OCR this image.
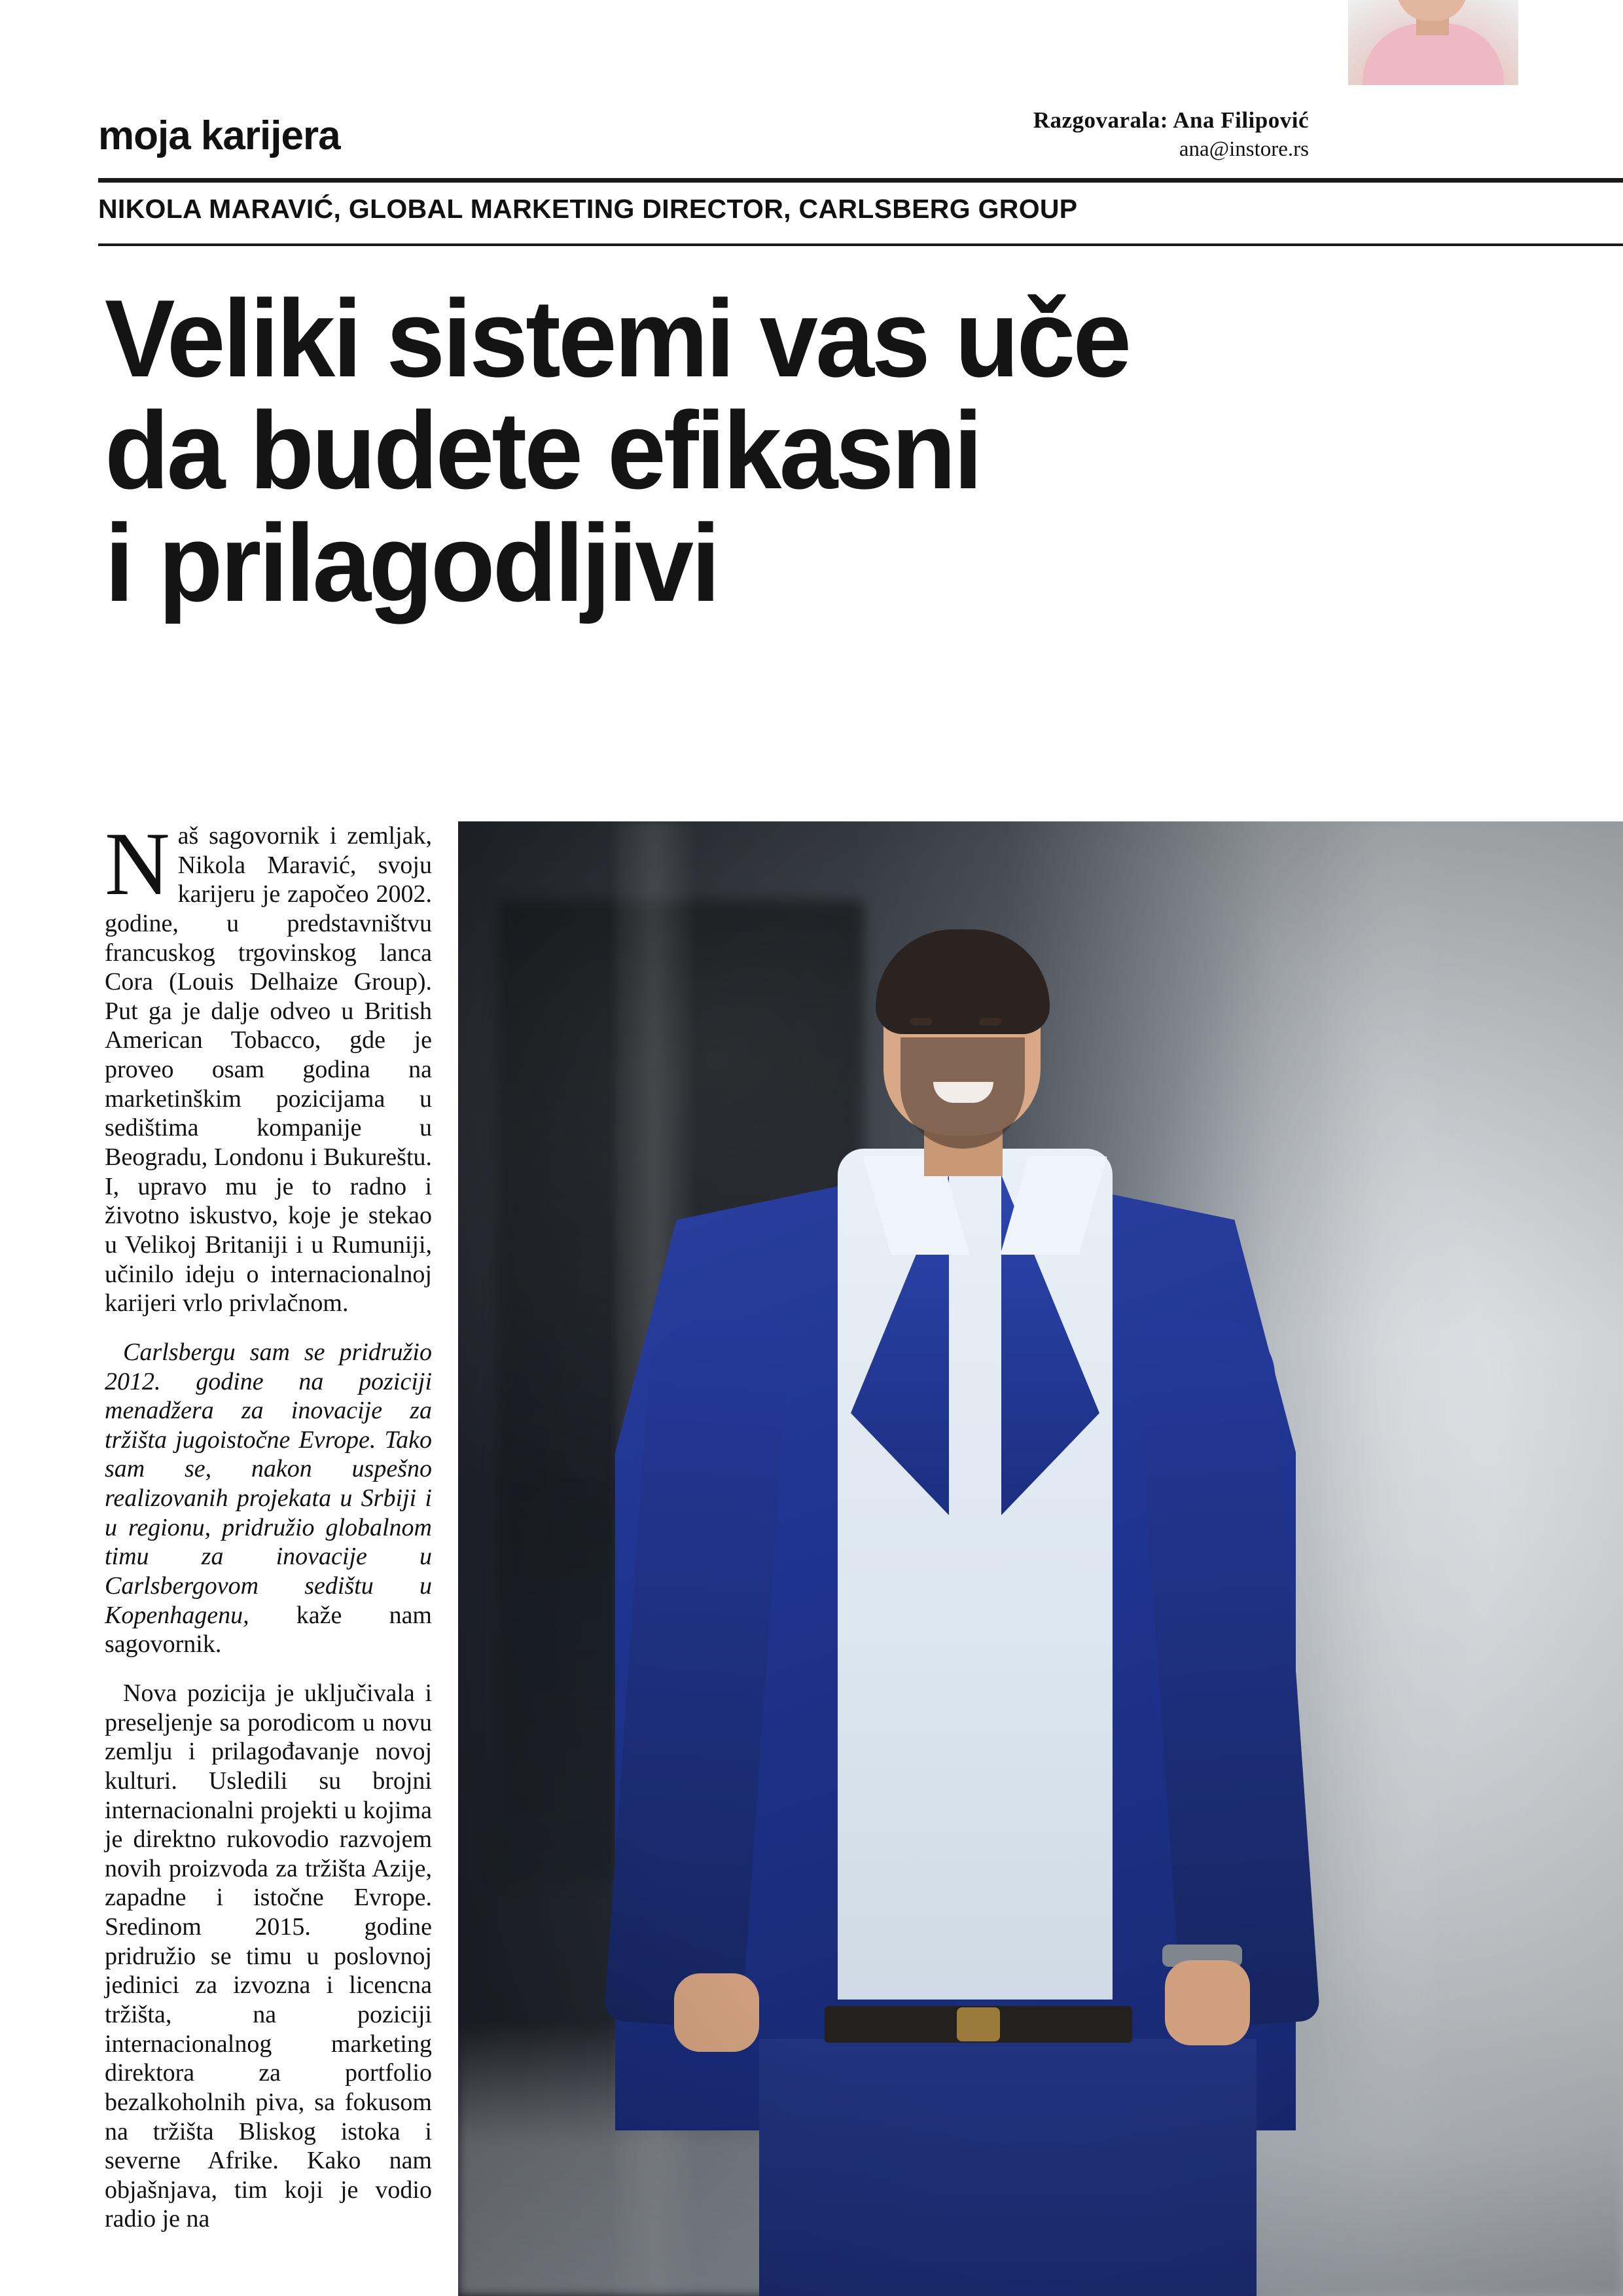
moja karijera	Razgovarala: Ana Filipović
ana@instore.rs
NIKOLA MARAVIĆ, GLOBAL MARKETING DIRECTOR, CARLSBERG GROUP
Veliki sistemi vas uče
da budete efikasni
i prilagodljivi

Naš sagovornik i zemljak, Nikola Maravić, svoju karijeru je započeo 2002. godine, u predstavništvu francuskog trgovinskog lanca Cora (Louis Delhaize Group). Put ga je dalje odveo u British American Tobacco, gde je proveo osam godina na marketinškim pozicijama u sedištima kompanije u Beogradu, Londonu i Bukureštu. I, upravo mu je to radno i životno iskustvo, koje je stekao u Velikoj Britaniji i u Rumuniji, učinilo ideju o internacionalnoj karijeri vrlo privlačnom.

Carlsbergu sam se pridružio 2012. godine na poziciji menadžera za inovacije za tržišta jugoistočne Evrope. Tako sam se, nakon uspešno realizovanih projekata u Srbiji i u regionu, pridružio globalnom timu za inovacije u Carlsbergovom sedištu u Kopenhagenu, kaže nam sagovornik.

Nova pozicija je uključivala i preseljenje sa porodicom u novu zemlju i prilagođavanje novoj kulturi. Usledili su brojni internacionalni projekti u kojima je direktno rukovodio razvojem novih proizvoda za tržišta Azije, zapadne i istočne Evrope. Sredinom 2015. godine pridružio se timu u poslovnoj jedinici za izvozna i licencna tržišta, na poziciji internacionalnog marketing direktora za portfolio bezalkoholnih piva, sa fokusom na tržišta Bliskog istoka i severne Afrike. Kako nam objašnjava, tim koji je vodio radio je na
